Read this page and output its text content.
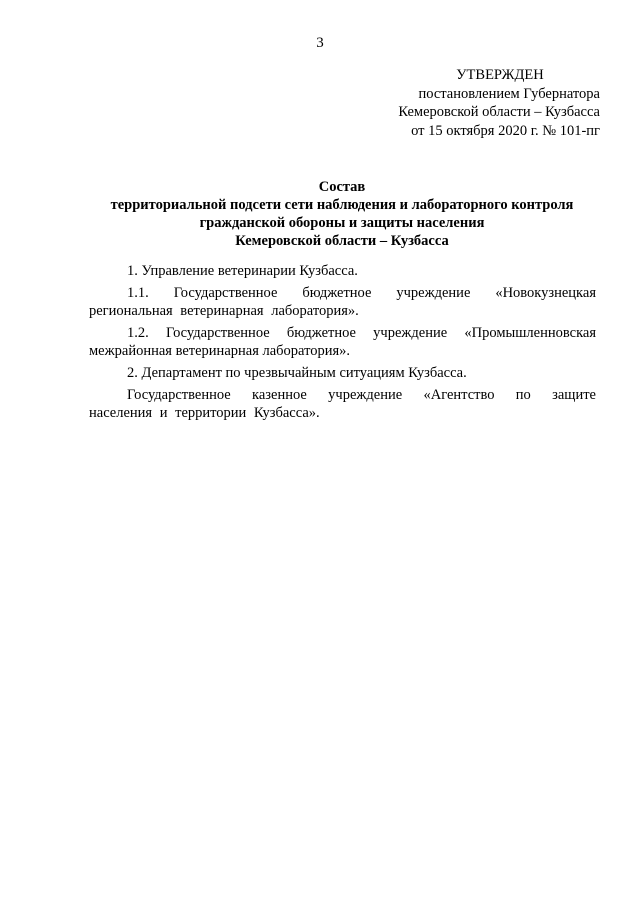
3
УТВЕРЖДЕН
постановлением Губернатора
Кемеровской области – Кузбасса
от 15 октября 2020 г. № 101-пг
Состав
территориальной подсети сети наблюдения и лабораторного контроля
гражданской обороны и защиты населения
Кемеровской области – Кузбасса

1. Управление ветеринарии Кузбасса.

1.1. Государственное бюджетное учреждение «Новокузнецкая региональная ветеринарная лаборатория».

1.2. Государственное бюджетное учреждение «Промышленновская межрайонная ветеринарная лаборатория».

2. Департамент по чрезвычайным ситуациям Кузбасса.

Государственное казенное учреждение «Агентство по защите населения и территории Кузбасса».
